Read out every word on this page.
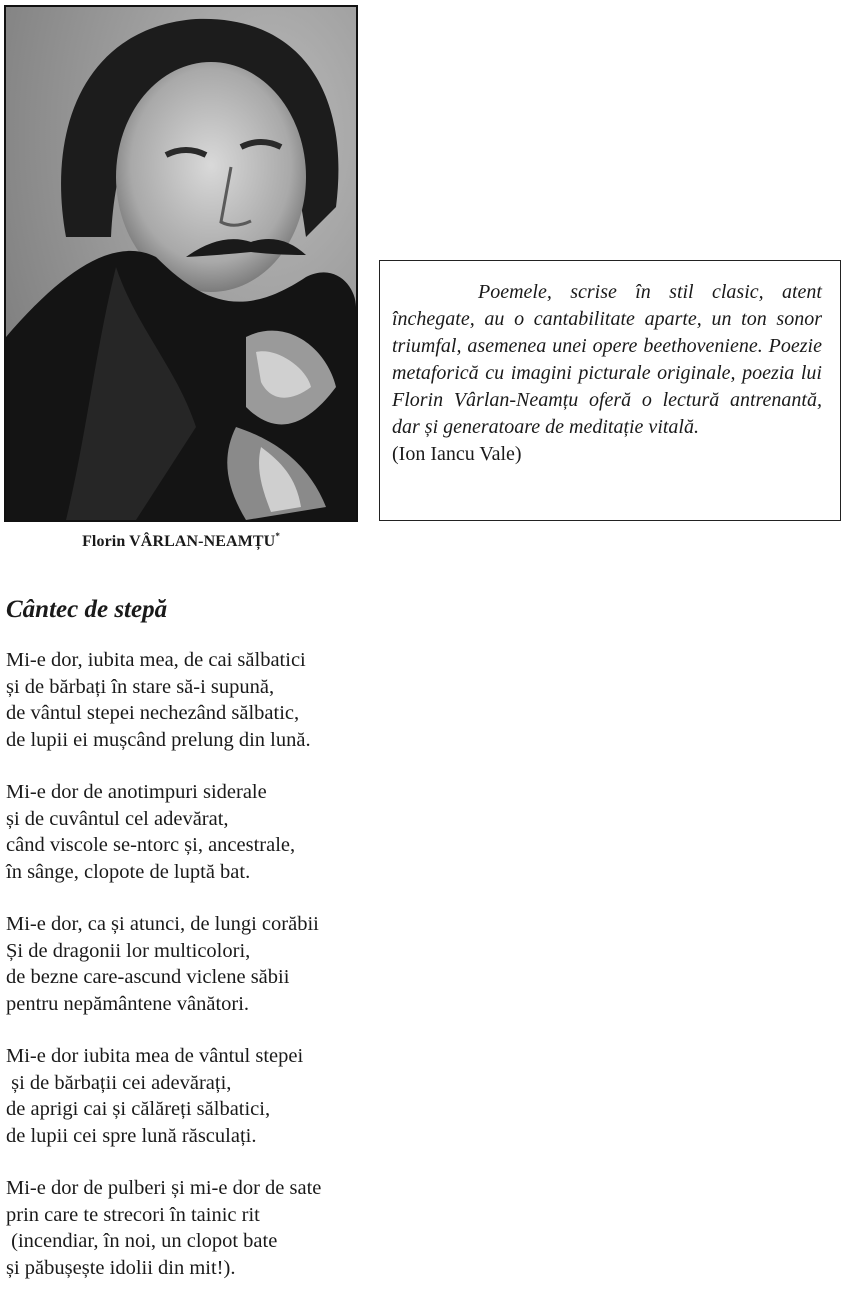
Florin VÂRLAN-NEAMȚU*

Poemele, scrise în stil clasic, atent închegate, au o cantabilitate aparte, un ton sonor triumfal, asemenea unei opere beethoveniene. Poezie metaforică cu imagini picturale originale, poezia lui Florin Vârlan-Neamțu oferă o lectură antrenantă, dar și generatoare de meditație vitală.

(Ion Iancu Vale)

Cântec de stepă
Mi-e dor, iubita mea, de cai sălbatici
și de bărbați în stare să-i supună,
de vântul stepei nechezând sălbatic,
de lupii ei mușcând prelung din lună.
Mi-e dor de anotimpuri siderale
și de cuvântul cel adevărat,
când viscole se-ntorc și, ancestrale,
în sânge, clopote de luptă bat.
Mi-e dor, ca și atunci, de lungi corăbii
Și de dragonii lor multicolori,
de bezne care-ascund viclene săbii
pentru nepământene vânători.
Mi-e dor iubita mea de vântul stepei
și de bărbații cei adevărați,
de aprigi cai și călăreți sălbatici,
de lupii cei spre lună răsculați.
Mi-e dor de pulberi și mi-e dor de sate
prin care te strecori în tainic rit
(incendiar, în noi, un clopot bate
și păbușește idolii din mit!).
